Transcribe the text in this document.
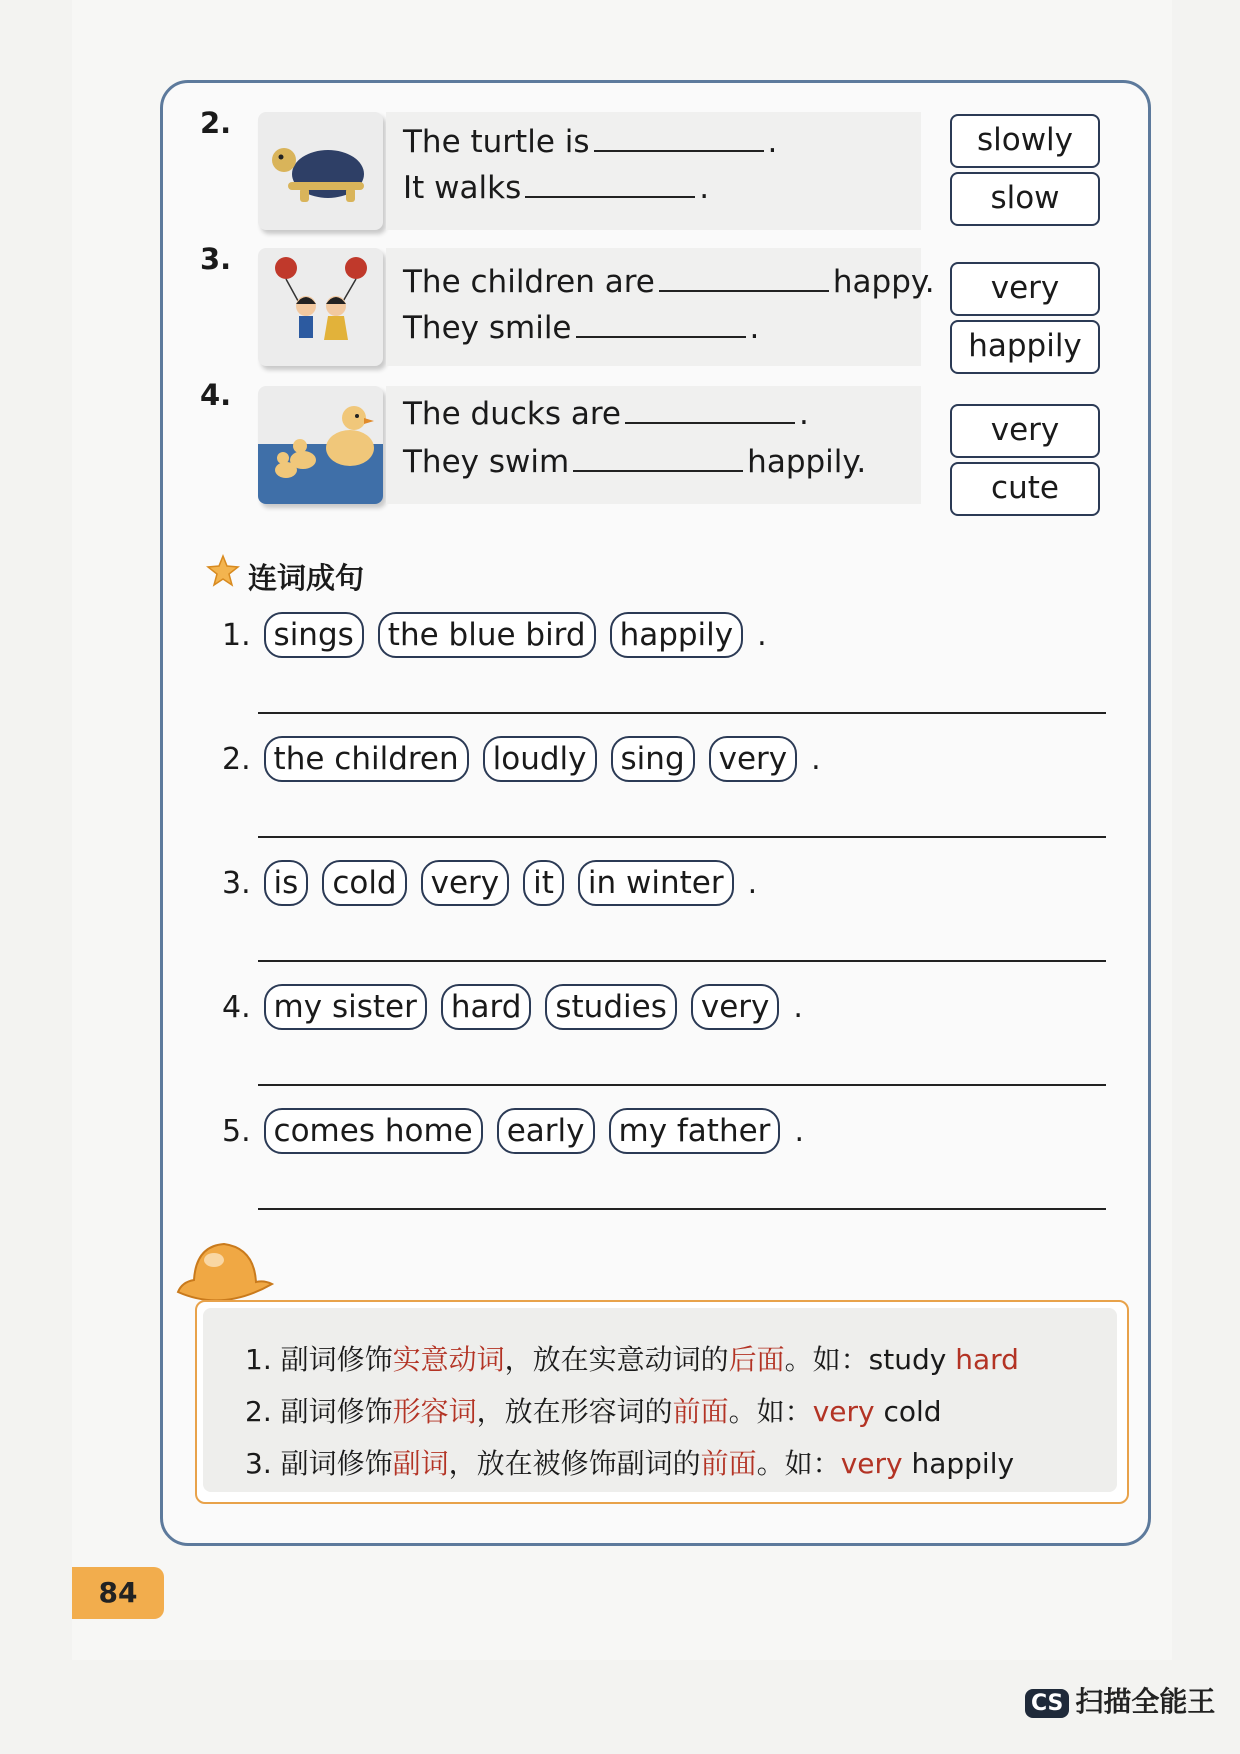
2.
The turtle is	.
It walks	.
slowly
slow
3.
The children are	happy.
They smile	.
very
happily
4.
The ducks are	.
They swim	happily.
very
cute
连词成句
1. sings the blue bird happily .
2. the children loudly sing very .
3. is cold very it in winter .
4. my sister hard studies very .
5. comes home early my father .
1. 副词修饰实意动词，放在实意动词的后面。如：study hard
2. 副词修饰形容词，放在形容词的前面。如：very cold
3. 副词修饰副词，放在被修饰副词的前面。如：very happily
84
CS 扫描全能王
